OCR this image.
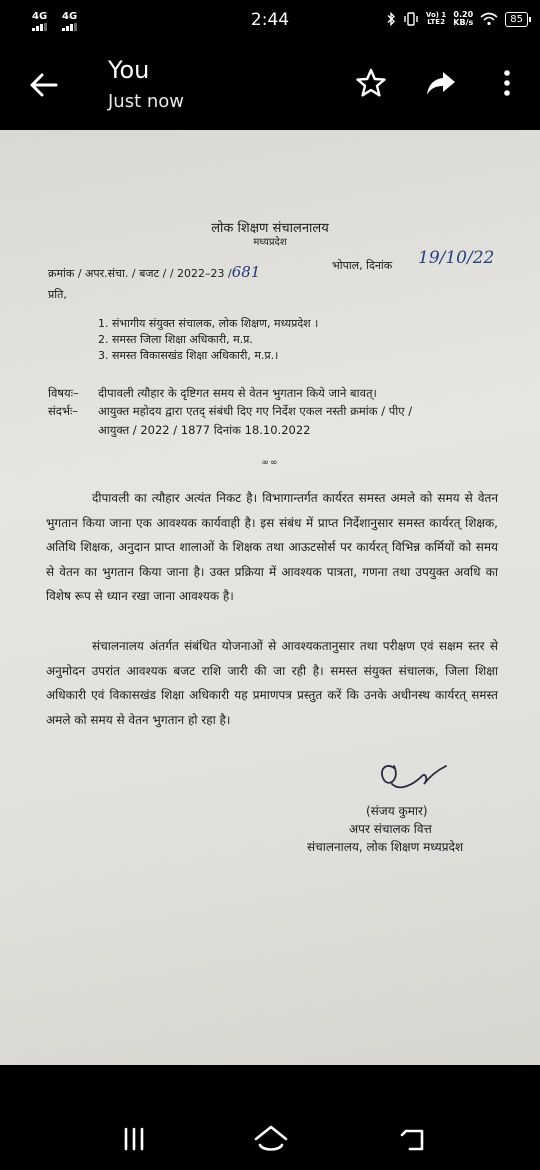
4G 4G	2:44	Vo) 1
LTE2
0.20
KB/s	85
You
Just now
लोक शिक्षण संचालनालय
मध्यप्रदेश
क्रमांक / अपर.संचा. / बजट / / 2022–23 /681	भोपाल, दिनांक 19/10/22
प्रति,
1. संभागीय संयुक्त संचालक, लोक शिक्षण, मध्यप्रदेश ।
2. समस्त जिला शिक्षा अधिकारी, म.प्र.
3. समस्त विकासखंड शिक्षा अधिकारी, म.प्र.।
विषयः– दीपावली त्यौहार के दृष्टिगत समय से वेतन भुगतान किये जाने बावत्।
संदर्भः– आयुक्त महोदय द्वारा एतद् संबंधी दिए गए निर्देश एकल नस्ती क्रमांक / पीए /
आयुक्त / 2022 / 1877 दिनांक 18.10.2022
∞∞
दीपावली का त्यौहार अत्यंत निकट है। विभागान्तर्गत कार्यरत समस्त अमले को समय से वेतन भुगतान किया जाना एक आवश्यक कार्यवाही है। इस संबंध में प्राप्त निर्देशानुसार समस्त कार्यरत् शिक्षक, अतिथि शिक्षक, अनुदान प्राप्त शालाओं के शिक्षक तथा आऊटसोर्स पर कार्यरत् विभिन्न कर्मियों को समय से वेतन का भुगतान किया जाना है। उक्त प्रक्रिया में आवश्यक पात्रता, गणना तथा उपयुक्त अवधि का विशेष रूप से ध्यान रखा जाना आवश्यक है।
संचालनालय अंतर्गत संबंधित योजनाओं से आवश्यकतानुसार तथा परीक्षण एवं सक्षम स्तर से अनुमोदन उपरांत आवश्यक बजट राशि जारी की जा रही है। समस्त संयुक्त संचालक, जिला शिक्षा अधिकारी एवं विकासखंड शिक्षा अधिकारी यह प्रमाणपत्र प्रस्तुत करें कि उनके अधीनस्थ कार्यरत् समस्त अमले को समय से वेतन भुगतान हो रहा है।
(संजय कुमार)
अपर संचालक वित्त
संचालनालय, लोक शिक्षण मध्यप्रदेश
